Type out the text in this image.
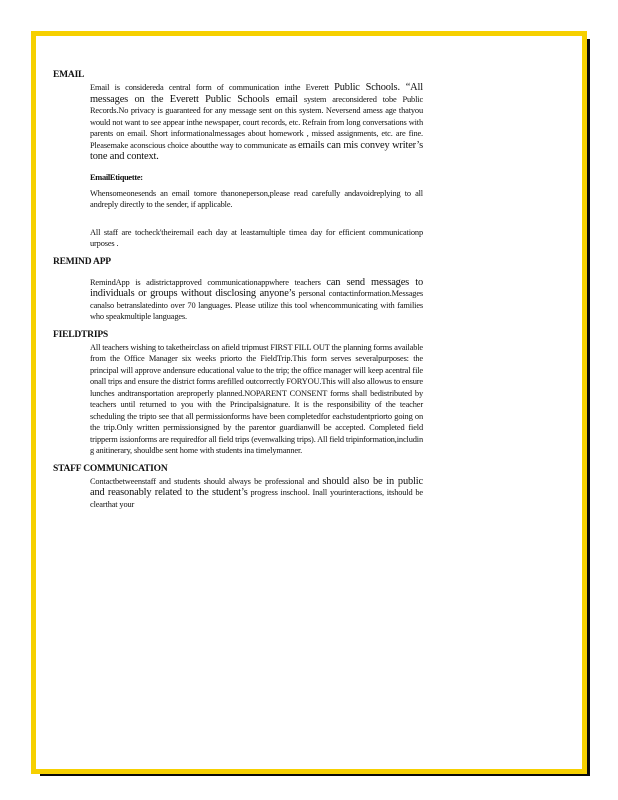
EMAIL
Email is considereda central form of communication inthe Everett Public Schools. “All messages on the Everett Public Schools email system areconsidered tobe Public Records.No privacy is guaranteed for any message sent on this system. Neversend amess age thatyou would not want to see appear inthe newspaper, court records, etc. Refrain from long conversations with parents on email. Short informationalmessages about homework , missed assignments, etc. are fine. Pleasemake aconscious choice aboutthe way to communicate as emails can mis convey writer’s tone and context.
EmailEtiquette:
Whensomeonesends an email tomore thanoneperson,please read carefully andavoidreplying to all andreply directly to the sender, if applicable.
All staff are tocheck'theiremail each day at leastamultiple timea day for efficient communicationp urposes .
REMIND APP
RemindApp is adistrictapproved communicationappwhere teachers can send messages to individuals or groups without disclosing anyone’s personal contactinformation.Messages canalso betranslatedinto over 70 languages. Please utilize this tool whencommunicating with families who speakmultiple languages.
FIELDTRIPS
All teachers wishing to taketheirclass on afield tripmust FIRST FILL OUT the planning forms available from the Office Manager six weeks priorto the FieldTrip.This form serves severalpurposes: the principal will approve andensure educational value to the trip; the office manager will keep acentral file onall trips and ensure the district forms arefilled outcorrectly FORYOU.This will also allowus to ensure lunches andtransportation areproperly planned.NOPARENT CONSENT forms shall bedistributed by teachers until returned to you with the Principalsignature. It is the responsibility of the teacher scheduling the tripto see that all permissionforms have been completedfor eachstudentpriorto going on the trip.Only written permissionsigned by the parentor guardianwill be accepted. Completed field tripperm issionforms are requiredfor all field trips (evenwalking trips). All field tripinformation,includin g anitinerary, shouldbe sent home with students ina timelymanner.
STAFF COMMUNICATION
Contactbetweenstaff and students should always be professional and should also be in public and reasonably related to the student’s progress inschool. Inall yourinteractions, itshould be clearthat your
